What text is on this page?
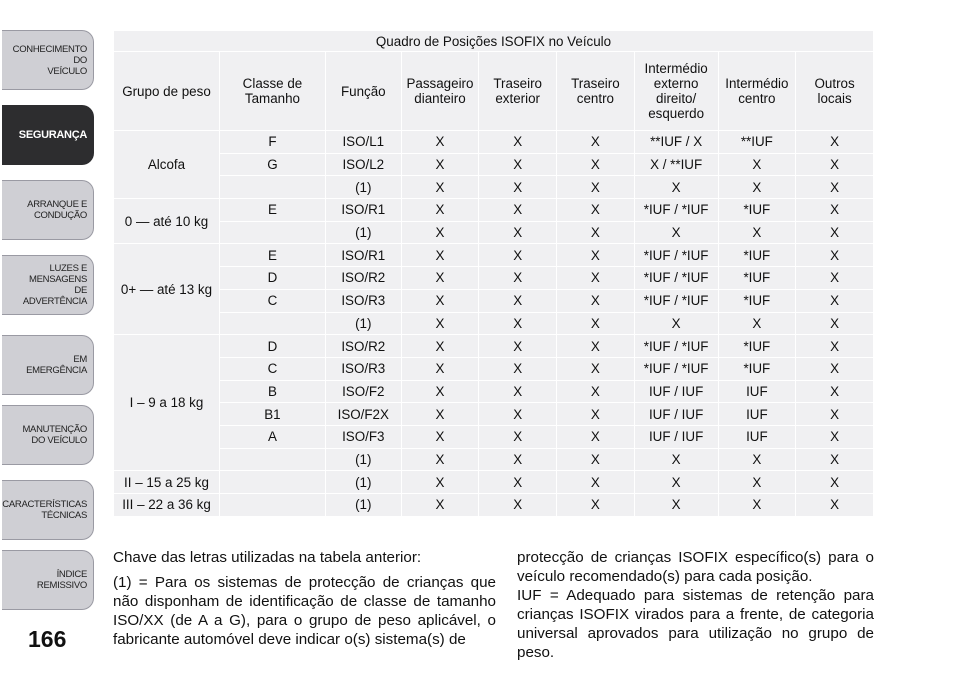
CONHECIMENTO
DO
VEÍCULO
SEGURANÇA
ARRANQUE E
CONDUÇÃO
LUZES E
MENSAGENS
DE
ADVERTÊNCIA
EM
EMERGÊNCIA
MANUTENÇÃO
DO VEÍCULO
CARACTERÍSTICAS
TÉCNICAS
ÍNDICE
REMISSIVO
166
Quadro de Posições ISOFIX no Veículo								
Grupo de peso	Classe de Tamanho	Função	Passageiro dianteiro	Traseiro exterior	Traseiro centro	Intermédio externo direito/ esquerdo	Intermédio centro	Outros locais
Alcofa	F	ISO/L1	X	X	X	**IUF / X	**IUF	X
	G	ISO/L2	X	X	X	X / **IUF	X	X
		(1)	X	X	X	X	X	X
0 — até 10 kg	E	ISO/R1	X	X	X	*IUF / *IUF	*IUF	X
		(1)	X	X	X	X	X	X
0+ — até 13 kg	E	ISO/R1	X	X	X	*IUF / *IUF	*IUF	X
	D	ISO/R2	X	X	X	*IUF / *IUF	*IUF	X
	C	ISO/R3	X	X	X	*IUF / *IUF	*IUF	X
		(1)	X	X	X	X	X	X
I – 9 a 18 kg	D	ISO/R2	X	X	X	*IUF / *IUF	*IUF	X
	C	ISO/R3	X	X	X	*IUF / *IUF	*IUF	X
	B	ISO/F2	X	X	X	IUF / IUF	IUF	X
	B1	ISO/F2X	X	X	X	IUF / IUF	IUF	X
	A	ISO/F3	X	X	X	IUF / IUF	IUF	X
		(1)	X	X	X	X	X	X
II – 15 a 25 kg		(1)	X	X	X	X	X	X
III – 22 a 36 kg		(1)	X	X	X	X	X	X

Chave das letras utilizadas na tabela anterior:

(1) = Para os sistemas de protecção de crianças que não disponham de identificação de classe de tamanho ISO/XX (de A a G), para o grupo de peso aplicável, o fabricante automóvel deve indicar o(s) sistema(s) de

protecção de crianças ISOFIX específico(s) para o veículo recomendado(s) para cada posição.

IUF = Adequado para sistemas de retenção para crianças ISOFIX virados para a frente, de categoria universal aprovados para utilização no grupo de peso.
